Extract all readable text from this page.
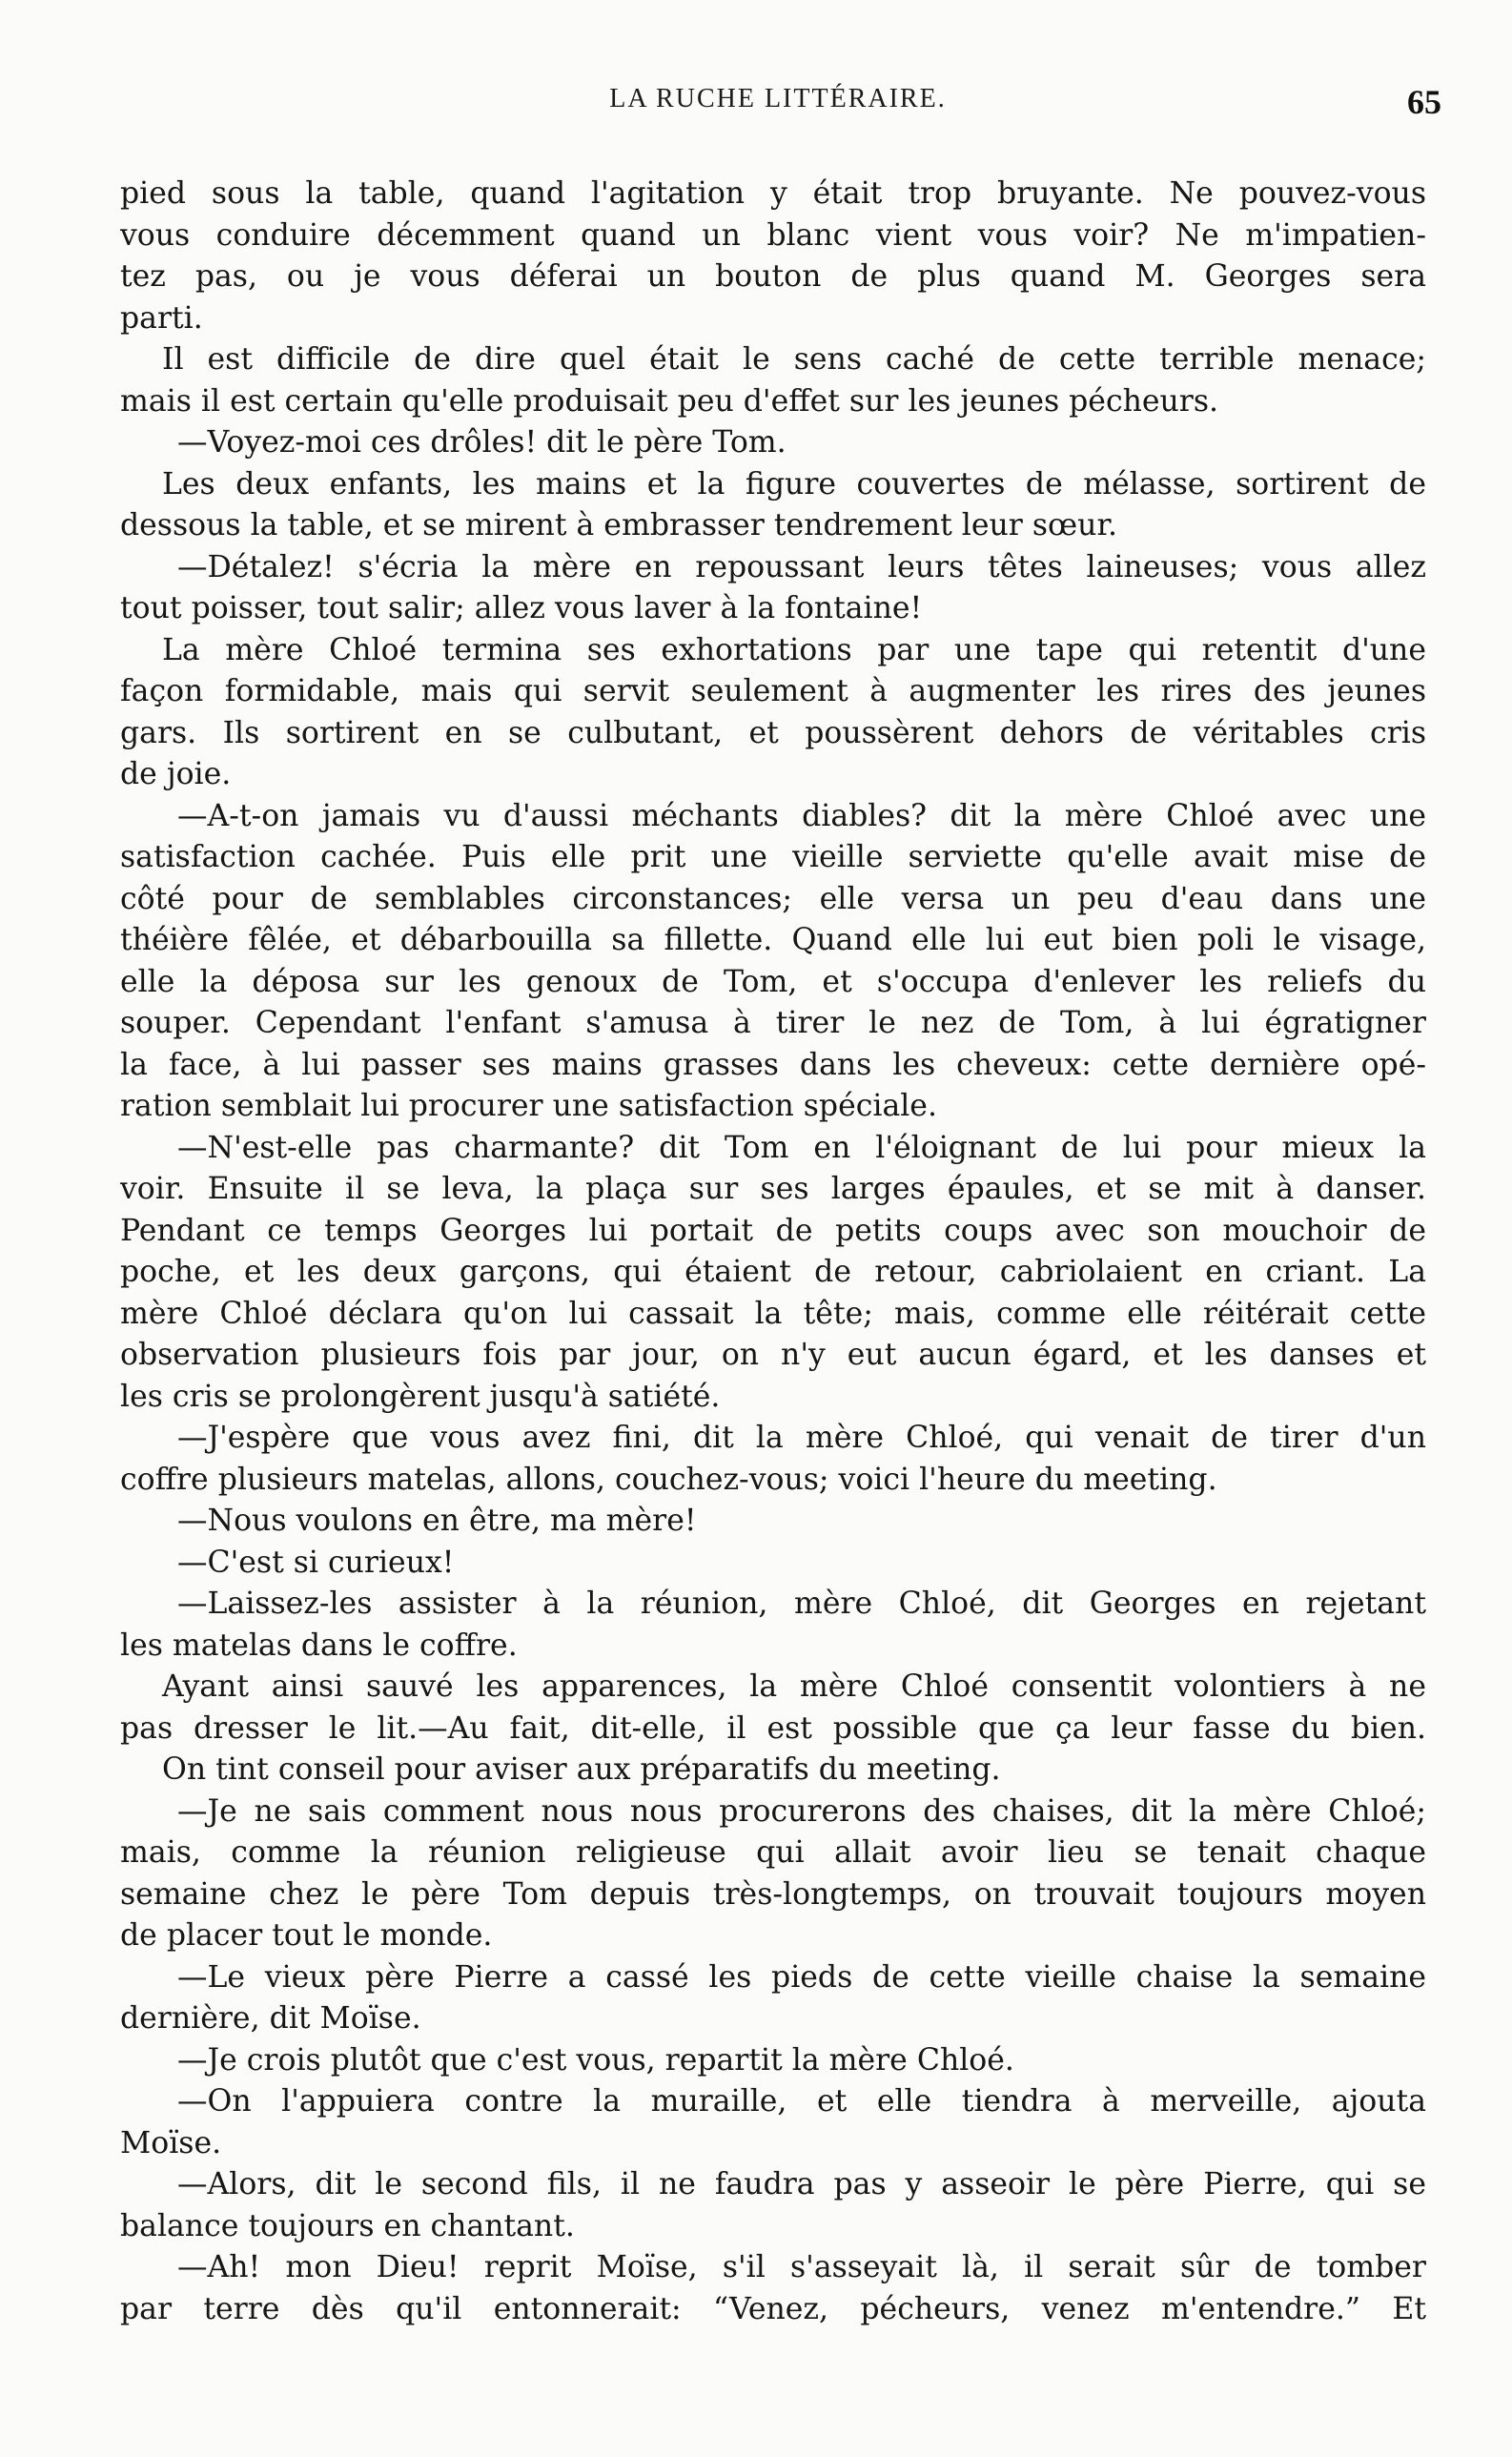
LA RUCHE LITTÉRAIRE.	65
pied sous la table, quand l'agitation y était trop bruyante. Ne pouvez-vous
vous conduire décemment quand un blanc vient vous voir? Ne m'impatien-
tez pas, ou je vous déferai un bouton de plus quand M. Georges sera
parti.
Il est difficile de dire quel était le sens caché de cette terrible menace;
mais il est certain qu'elle produisait peu d'effet sur les jeunes pécheurs.
—Voyez-moi ces drôles! dit le père Tom.
Les deux enfants, les mains et la figure couvertes de mélasse, sortirent de
dessous la table, et se mirent à embrasser tendrement leur sœur.
—Détalez! s'écria la mère en repoussant leurs têtes laineuses; vous allez
tout poisser, tout salir; allez vous laver à la fontaine!
La mère Chloé termina ses exhortations par une tape qui retentit d'une
façon formidable, mais qui servit seulement à augmenter les rires des jeunes
gars. Ils sortirent en se culbutant, et poussèrent dehors de véritables cris
de joie.
—A-t-on jamais vu d'aussi méchants diables? dit la mère Chloé avec une
satisfaction cachée. Puis elle prit une vieille serviette qu'elle avait mise de
côté pour de semblables circonstances; elle versa un peu d'eau dans une
théière fêlée, et débarbouilla sa fillette. Quand elle lui eut bien poli le visage,
elle la déposa sur les genoux de Tom, et s'occupa d'enlever les reliefs du
souper. Cependant l'enfant s'amusa à tirer le nez de Tom, à lui égratigner
la face, à lui passer ses mains grasses dans les cheveux: cette dernière opé-
ration semblait lui procurer une satisfaction spéciale.
—N'est-elle pas charmante? dit Tom en l'éloignant de lui pour mieux la
voir. Ensuite il se leva, la plaça sur ses larges épaules, et se mit à danser.
Pendant ce temps Georges lui portait de petits coups avec son mouchoir de
poche, et les deux garçons, qui étaient de retour, cabriolaient en criant. La
mère Chloé déclara qu'on lui cassait la tête; mais, comme elle réitérait cette
observation plusieurs fois par jour, on n'y eut aucun égard, et les danses et
les cris se prolongèrent jusqu'à satiété.
—J'espère que vous avez fini, dit la mère Chloé, qui venait de tirer d'un
coffre plusieurs matelas, allons, couchez-vous; voici l'heure du meeting.
—Nous voulons en être, ma mère!
—C'est si curieux!
—Laissez-les assister à la réunion, mère Chloé, dit Georges en rejetant
les matelas dans le coffre.
Ayant ainsi sauvé les apparences, la mère Chloé consentit volontiers à ne
pas dresser le lit.—Au fait, dit-elle, il est possible que ça leur fasse du bien.
On tint conseil pour aviser aux préparatifs du meeting.
—Je ne sais comment nous nous procurerons des chaises, dit la mère Chloé;
mais, comme la réunion religieuse qui allait avoir lieu se tenait chaque
semaine chez le père Tom depuis très-longtemps, on trouvait toujours moyen
de placer tout le monde.
—Le vieux père Pierre a cassé les pieds de cette vieille chaise la semaine
dernière, dit Moïse.
—Je crois plutôt que c'est vous, repartit la mère Chloé.
—On l'appuiera contre la muraille, et elle tiendra à merveille, ajouta
Moïse.
—Alors, dit le second fils, il ne faudra pas y asseoir le père Pierre, qui se
balance toujours en chantant.
—Ah! mon Dieu! reprit Moïse, s'il s'asseyait là, il serait sûr de tomber
par terre dès qu'il entonnerait: “Venez, pécheurs, venez m'entendre.” Et
